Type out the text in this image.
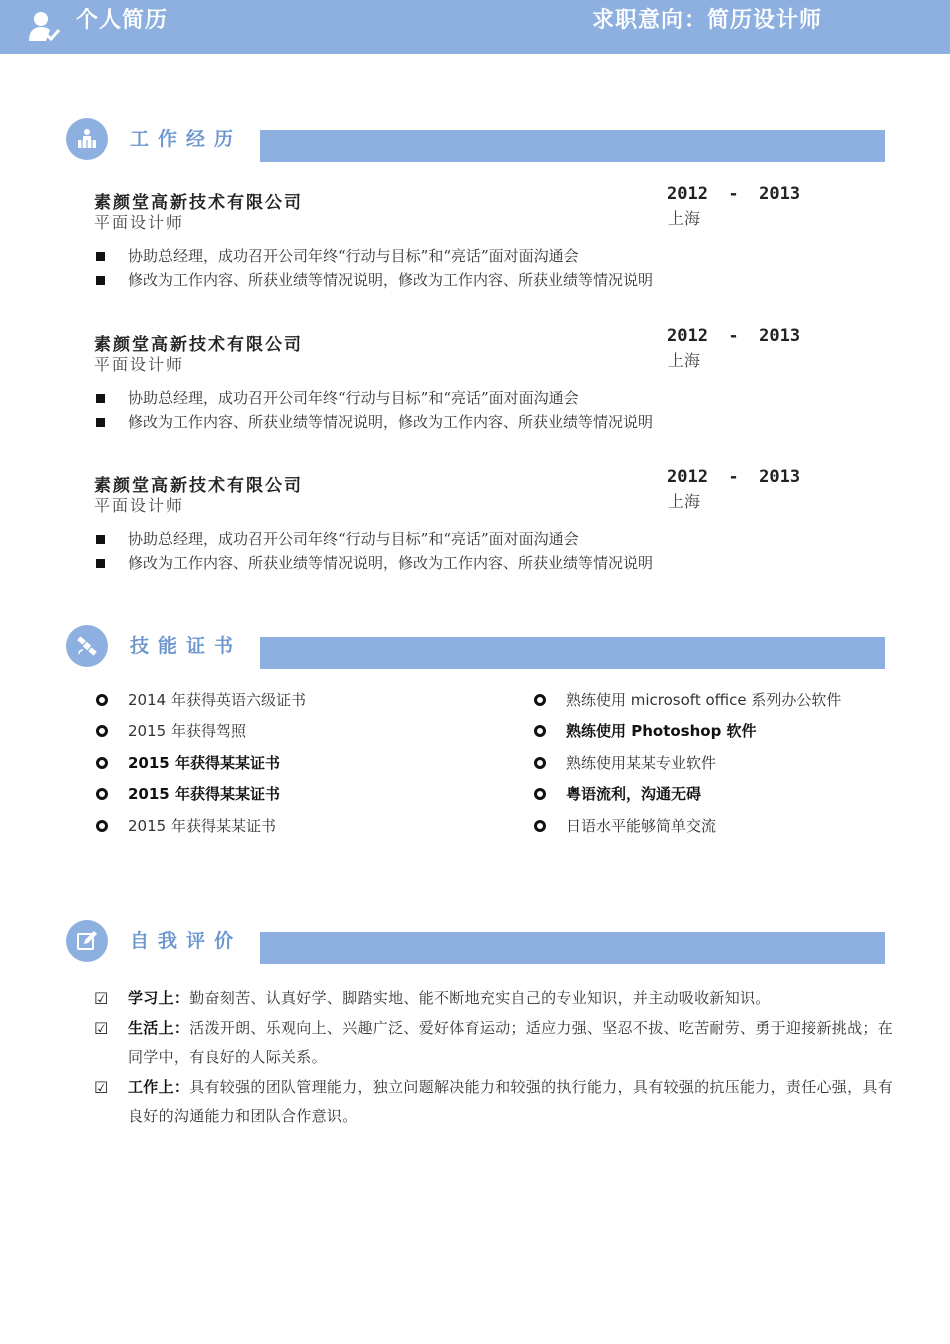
个人简历	求职意向：简历设计师
工作经历
素颜堂高新技术有限公司
平面设计师
2012  -  2013
上海
协助总经理，成功召开公司年终“行动与目标”和“亮话”面对面沟通会
修改为工作内容、所获业绩等情况说明，修改为工作内容、所获业绩等情况说明
素颜堂高新技术有限公司
平面设计师
2012  -  2013
上海
协助总经理，成功召开公司年终“行动与目标”和“亮话”面对面沟通会
修改为工作内容、所获业绩等情况说明，修改为工作内容、所获业绩等情况说明
素颜堂高新技术有限公司
平面设计师
2012  -  2013
上海
协助总经理，成功召开公司年终“行动与目标”和“亮话”面对面沟通会
修改为工作内容、所获业绩等情况说明，修改为工作内容、所获业绩等情况说明
技能证书
2014 年获得英语六级证书
2015 年获得驾照
2015 年获得某某证书
2015 年获得某某证书
2015 年获得某某证书
熟练使用 microsoft office 系列办公软件
熟练使用 Photoshop 软件
熟练使用某某专业软件
粤语流利，沟通无碍
日语水平能够简单交流
自我评价
☑ 学习上：勤奋刻苦、认真好学、脚踏实地、能不断地充实自己的专业知识，并主动吸收新知识。
☑ 生活上：活泼开朗、乐观向上、兴趣广泛、爱好体育运动；适应力强、坚忍不拔、吃苦耐劳、勇于迎接新挑战；在同学中，有良好的人际关系。
☑ 工作上：具有较强的团队管理能力，独立问题解决能力和较强的执行能力，具有较强的抗压能力，责任心强，具有良好的沟通能力和团队合作意识。
